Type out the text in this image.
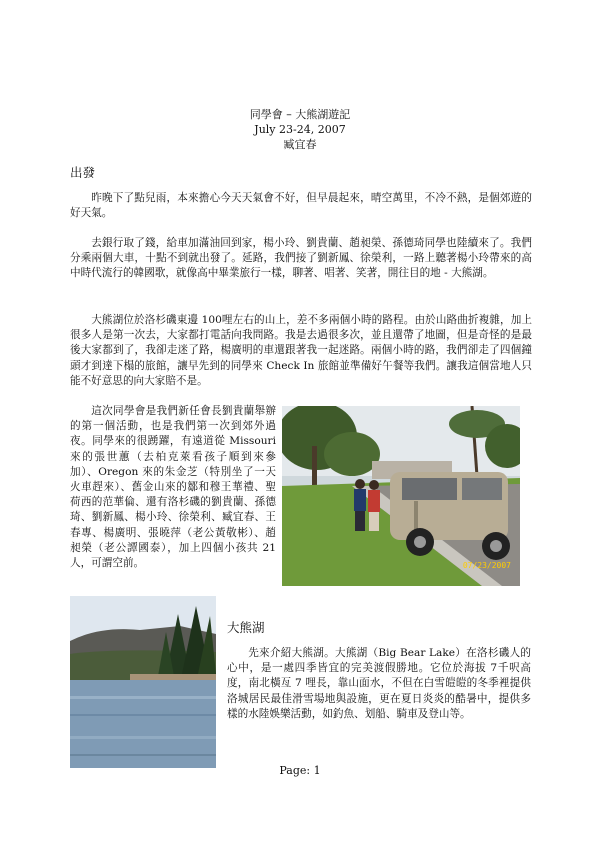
同學會 – 大熊湖遊記
July 23-24, 2007
臧宜春
出發

昨晚下了點兒雨，本來擔心今天天氣會不好，但早晨起來，晴空萬里，不冷不熱，是個郊遊的好天氣。

去銀行取了錢，給車加滿油回到家，楊小玲、劉貴蘭、趙昶榮、孫德琦同學也陸續來了。我們分乘兩個大車，十點不到就出發了。延路，我們接了劉新鳳、徐榮利，一路上聽著楊小玲帶來的高中時代流行的韓國歌，就像高中畢業旅行一樣，聊著、唱著、笑著，開往目的地 - 大熊湖。

大熊湖位於洛杉磯東邊 100哩左右的山上，差不多兩個小時的路程。由於山路曲折複雜，加上很多人是第一次去，大家都打電話向我問路。我是去過很多次，並且還帶了地圖，但是奇怪的是最後大家都到了，我卻走迷了路，楊廣明的車還跟著我一起迷路。兩個小時的路，我們卻走了四個鐘頭才到達下榻的旅館，讓早先到的同學來 Check In 旅館並準備好午餐等我們。讓我這個當地人只能不好意思的向大家賠不是。

這次同學會是我們新任會長劉貴蘭舉辦的第一個活動，也是我們第一次到郊外過夜。同學來的很踴躍，有遠道從 Missouri 來的張世蕙（去柏克萊看孩子順到來參加）、Oregon 來的朱金芝（特別坐了一天火車趕來）、舊金山來的鄒和穆王華禮、聖荷西的范華倫、還有洛杉磯的劉貴蘭、孫德琦、劉新鳳、楊小玲、徐榮利、臧宜春、王春專、楊廣明、張曉萍（老公黃敬彬）、趙昶榮（老公譚國泰），加上四個小孩共 21人，可謂空前。	07/23/2007
大熊湖

先來介紹大熊湖。大熊湖（Big Bear Lake）在洛杉磯人的心中，是一處四季皆宜的完美渡假勝地。它位於海拔 7千呎高度，南北橫亙 7 哩長，靠山面水，不但在白雪皚皚的冬季裡提供洛城居民最佳滑雪場地與設施，更在夏日炎炎的酷暑中，提供多樣的水陸娛樂活動，如釣魚、划船、騎車及登山等。

Page: 1
